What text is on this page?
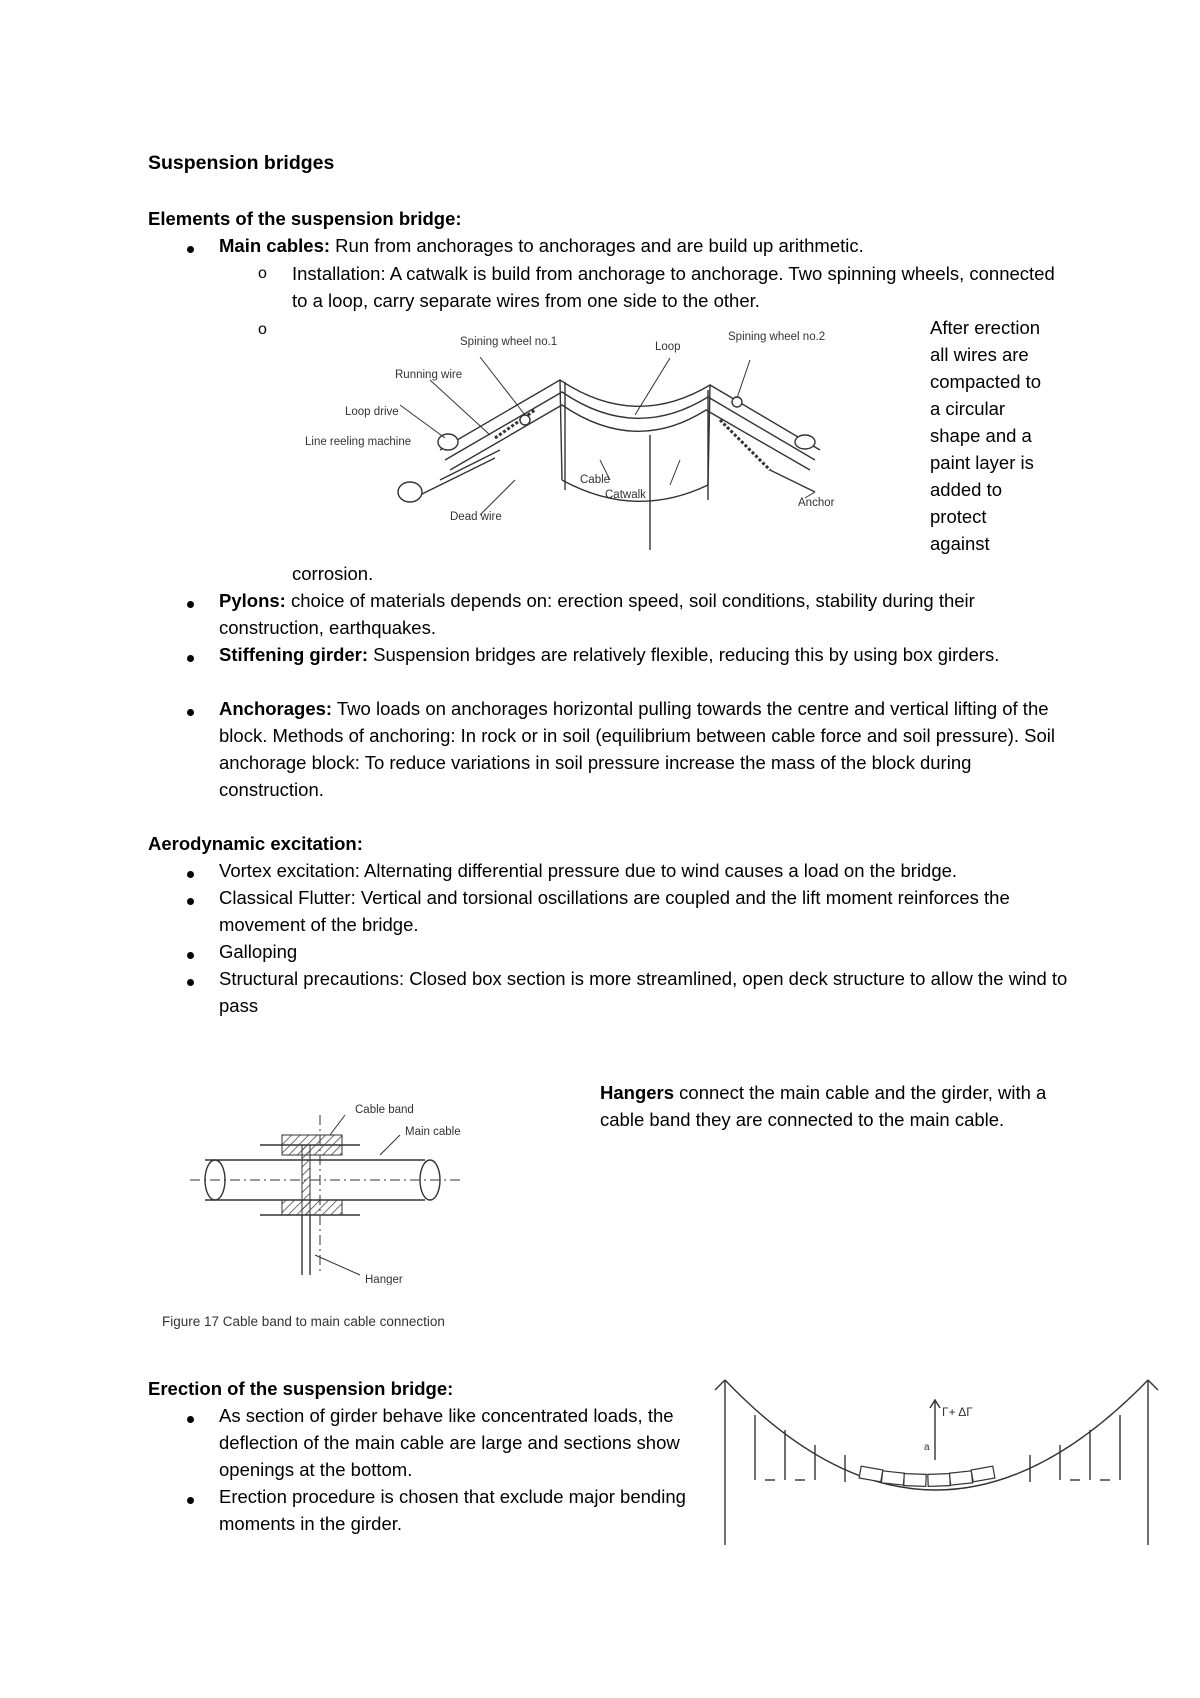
Suspension bridges
Elements of the suspension bridge:
Main cables: Run from anchorages to anchorages and are build up arithmetic.
o Installation: A catwalk is build from anchorage to anchorage. Two spinning wheels, connected to a loop, carry separate wires from one side to the other.
o
Spining wheel no.1	Loop
Spining wheel no.2
Running wire
Loop drive
Line reeling machine
Cable
Catwalk
Dead wire
Anchor
After erection
all wires are
compacted to
a circular
shape and a
paint layer is
added to
protect
against
corrosion.
Pylons: choice of materials depends on: erection speed, soil conditions, stability during their construction, earthquakes.
Stiffening girder: Suspension bridges are relatively flexible, reducing this by using box girders.
Anchorages: Two loads on anchorages horizontal pulling towards the centre and vertical lifting of the block. Methods of anchoring: In rock or in soil (equilibrium between cable force and soil pressure). Soil anchorage block: To reduce variations in soil pressure increase the mass of the block during construction.
Aerodynamic excitation:
Vortex excitation: Alternating differential pressure due to wind causes a load on the bridge.
Classical Flutter: Vertical and torsional oscillations are coupled and the lift moment reinforces the movement of the bridge.
Galloping
Structural precautions: Closed box section is more streamlined, open deck structure to allow the wind to pass
Cable band
Main cable
Hanger
Figure 17 Cable band to main cable connection
Hangers connect the main cable and the girder, with a cable band they are connected to the main cable.
Erection of the suspension bridge:
As section of girder behave like concentrated loads, the deflection of the main cable are large and sections show openings at the bottom.
Erection procedure is chosen that exclude major bending moments in the girder.
Γ+ ΔΓ
a
